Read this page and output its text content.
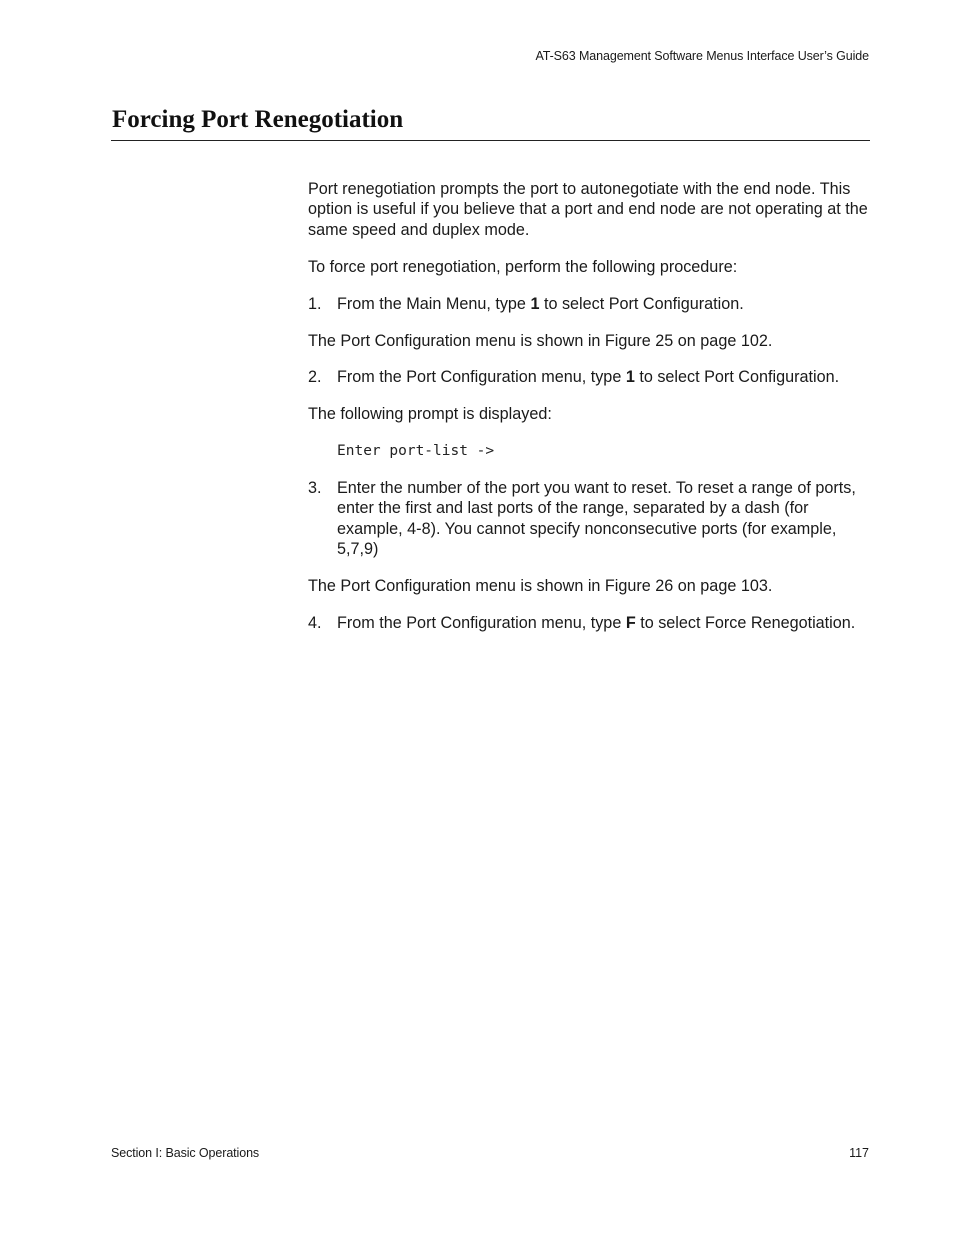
AT-S63 Management Software Menus Interface User’s Guide
Forcing Port Renegotiation

Port renegotiation prompts the port to autonegotiate with the end node. This option is useful if you believe that a port and end node are not operating at the same speed and duplex mode.

To force port renegotiation, perform the following procedure:

1. From the Main Menu, type 1 to select Port Configuration.

The Port Configuration menu is shown in Figure 25 on page 102.

2. From the Port Configuration menu, type 1 to select Port Configuration.

The following prompt is displayed:

Enter port-list ->
3. Enter the number of the port you want to reset. To reset a range of ports, enter the first and last ports of the range, separated by a dash (for example, 4-8). You cannot specify nonconsecutive ports (for example, 5,7,9)

The Port Configuration menu is shown in Figure 26 on page 103.

4. From the Port Configuration menu, type F to select Force Renegotiation.
Section I: Basic Operations	117
